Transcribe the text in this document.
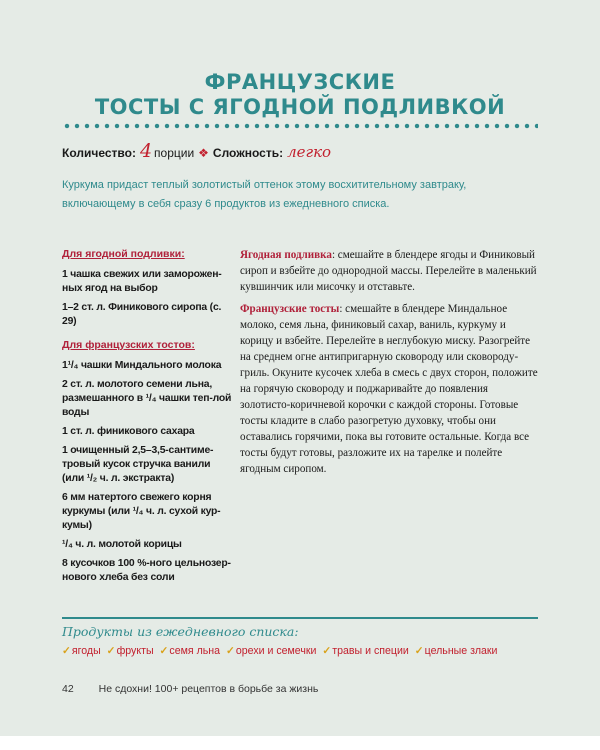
ФРАНЦУЗСКИЕ
ТОСТЫ С ЯГОДНОЙ ПОДЛИВКОЙ
Количество: 4 порции ❖ Сложность: легко
Куркума придаст теплый золотистый оттенок этому восхитительному завтраку, включающему в себя сразу 6 продуктов из ежедневного списка.
Для ягодной подливки:
1 чашка свежих или заморожен-ных ягод на выбор
1–2 ст. л. Финикового сиропа (с. 29)
Для французских тостов:
1¹/₄ чашки Миндального молока
2 ст. л. молотого семени льна, размешанного в ¹/₄ чашки теп-лой воды
1 ст. л. финикового сахара
1 очищенный 2,5–3,5-сантиме-тровый кусок стручка ванили (или ¹/₂ ч. л. экстракта)
6 мм натертого свежего корня куркумы (или ¹/₄ ч. л. сухой кур-кумы)
¹/₄ ч. л. молотой корицы
8 кусочков 100 %-ного цельнозер-нового хлеба без соли

Ягодная подливка: смешайте в блендере ягоды и Финиковый сироп и взбейте до однородной массы. Перелейте в маленький кувшинчик или мисочку и отставьте.

Французские тосты: смешайте в блендере Миндальное молоко, семя льна, финиковый сахар, ваниль, куркуму и корицу и взбейте. Перелейте в неглубокую миску. Разогрейте на среднем огне антипригарную сковороду или сковороду-гриль. Окуните кусочек хлеба в смесь с двух сторон, положите на горячую сковороду и поджаривайте до появления золотисто-коричневой корочки с каждой стороны. Готовые тосты кладите в слабо разогретую духовку, чтобы они оставались горячими, пока вы готовите остальные. Когда все тосты будут готовы, разложите их на тарелке и полейте ягодным сиропом.

Продукты из ежедневного списка:
✓ягоды ✓фрукты ✓семя льна ✓орехи и семечки ✓травы и специи ✓цельные злаки
42 Не сдохни! 100+ рецептов в борьбе за жизнь
